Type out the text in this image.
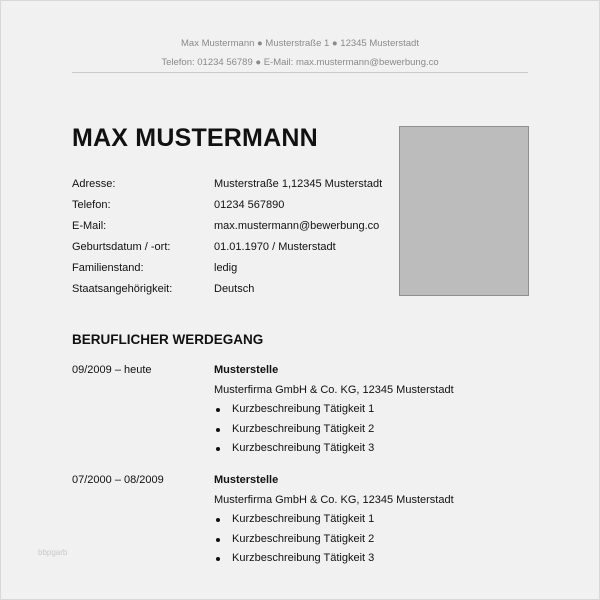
Max Mustermann ● Musterstraße 1 ● 12345 Musterstadt
Telefon: 01234 56789 ● E-Mail: max.mustermann@bewerbung.co
MAX MUSTERMANN
Adresse:	Musterstraße 1,12345 Musterstadt
Telefon:	01234 567890
E-Mail:	max.mustermann@bewerbung.co
Geburtsdatum / -ort:	01.01.1970 / Musterstadt
Familienstand:	ledig
Staatsangehörigkeit:	Deutsch
BERUFLICHER WERDEGANG
09/2009 – heute	Musterstelle
Musterfirma GmbH & Co. KG, 12345 Musterstadt
Kurzbeschreibung Tätigkeit 1
Kurzbeschreibung Tätigkeit 2
Kurzbeschreibung Tätigkeit 3
07/2000 – 08/2009	Musterstelle
Musterfirma GmbH & Co. KG, 12345 Musterstadt
Kurzbeschreibung Tätigkeit 1
Kurzbeschreibung Tätigkeit 2
Kurzbeschreibung Tätigkeit 3
bbpgarb
